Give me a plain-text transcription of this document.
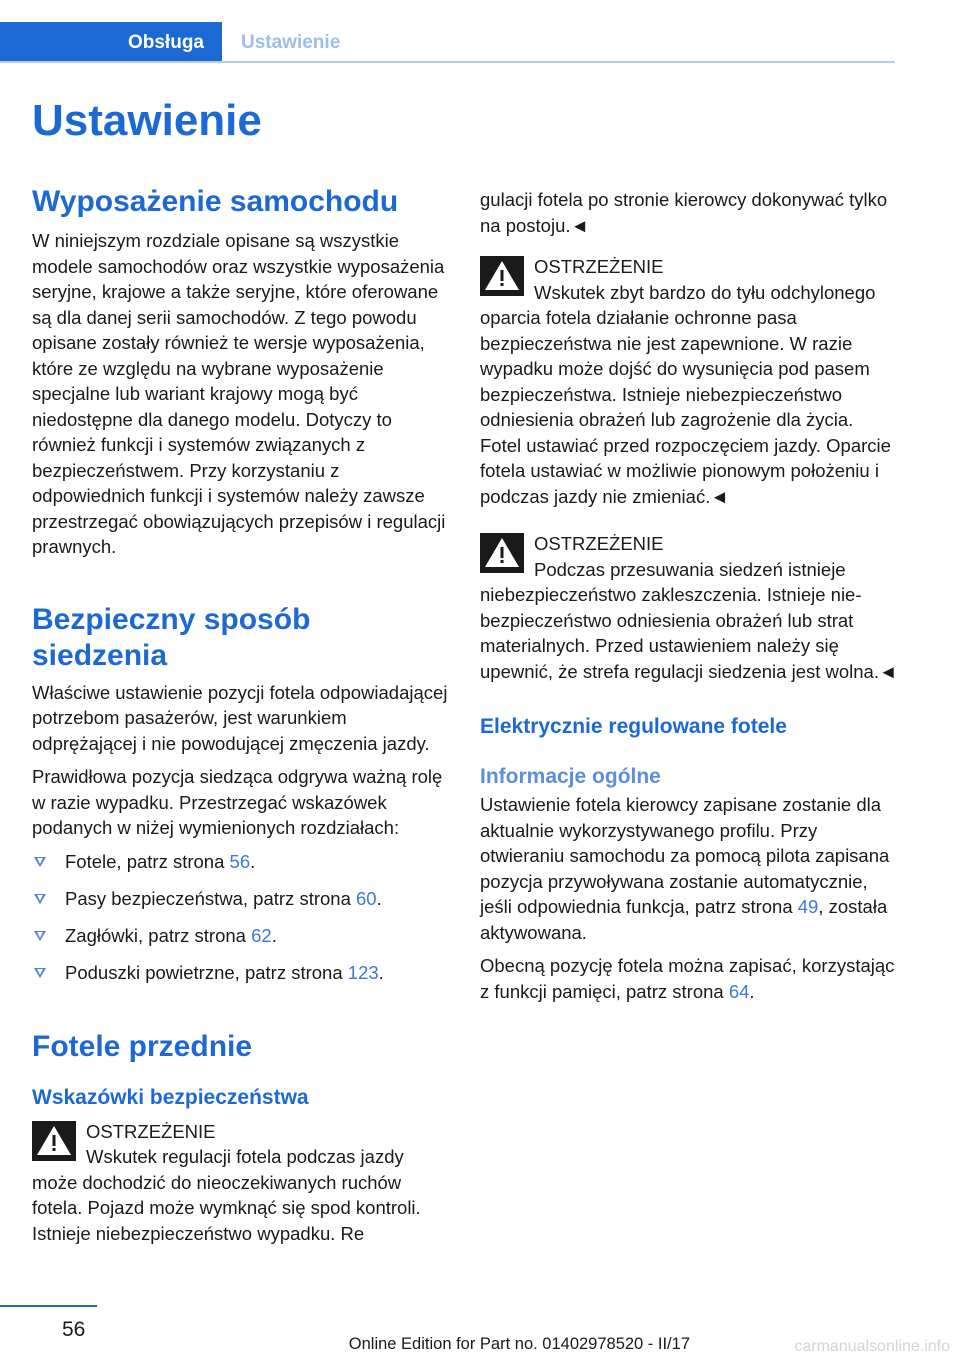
Obsługa Ustawienie
Ustawienie
Wyposażenie samochodu

W niniejszym rozdziale opisane są wszystkie modele samochodów oraz wszystkie wyposażenia seryjne, krajowe a także seryjne, które oferowane są dla danej serii samochodów. Z tego powodu opisane zostały również te wersje wyposażenia, które ze względu na wybrane wyposażenie specjalne lub wariant krajowy mogą być niedostępne dla danego modelu. Dotyczy to również funkcji i systemów związanych z bezpieczeństwem. Przy korzystaniu z odpowiednich funkcji i systemów należy zawsze przestrzegać obowiązujących przepisów i regulacji prawnych.

Bezpieczny sposób siedzenia

Właściwe ustawienie pozycji fotela odpowiadającej potrzebom pasażerów, jest warunkiem odprężającej i nie powodującej zmęczenia jazdy.

Prawidłowa pozycja siedząca odgrywa ważną rolę w razie wypadku. Przestrzegać wskazówek podanych w niżej wymienionych rozdziałach:

Fotele, patrz strona 56.
Pasy bezpieczeństwa, patrz strona 60.
Zagłówki, patrz strona 62.
Poduszki powietrzne, patrz strona 123.
Fotele przednie
Wskazówki bezpieczeństwa
OSTRZEŻENIE
Wskutek regulacji fotela podczas jazdy może dochodzić do nieoczekiwanych ruchów fotela. Pojazd może wymknąć się spod kontroli. Istnieje niebezpieczeństwo wypadku. Re

gulacji fotela po stronie kierowcy dokonywać tylko na postoju.◄

OSTRZEŻENIE
Wskutek zbyt bardzo do tyłu odchylonego oparcia fotela działanie ochronne pasa bezpieczeństwa nie jest zapewnione. W razie wypadku może dojść do wysunięcia pod pasem bezpieczeństwa. Istnieje niebezpieczeństwo odniesienia obrażeń lub zagrożenie dla życia. Fotel ustawiać przed rozpoczęciem jazdy. Oparcie fotela ustawiać w możliwie pionowym położeniu i podczas jazdy nie zmieniać.◄
OSTRZEŻENIE
Podczas przesuwania siedzeń istnieje niebezpieczeństwo zakleszczenia. Istnieje niebezpieczeństwo odniesienia obrażeń lub strat materialnych. Przed ustawieniem należy się upewnić, że strefa regulacji siedzenia jest wolna.◄
Elektrycznie regulowane fotele
Informacje ogólne

Ustawienie fotela kierowcy zapisane zostanie dla aktualnie wykorzystywanego profilu. Przy otwieraniu samochodu za pomocą pilota zapisana pozycja przywoływana zostanie automatycznie, jeśli odpowiednia funkcja, patrz strona 49, została aktywowana.

Obecną pozycję fotela można zapisać, korzystając z funkcji pamięci, patrz strona 64.

56
Online Edition for Part no. 01402978520 - II/17	carmanualsonline.info
